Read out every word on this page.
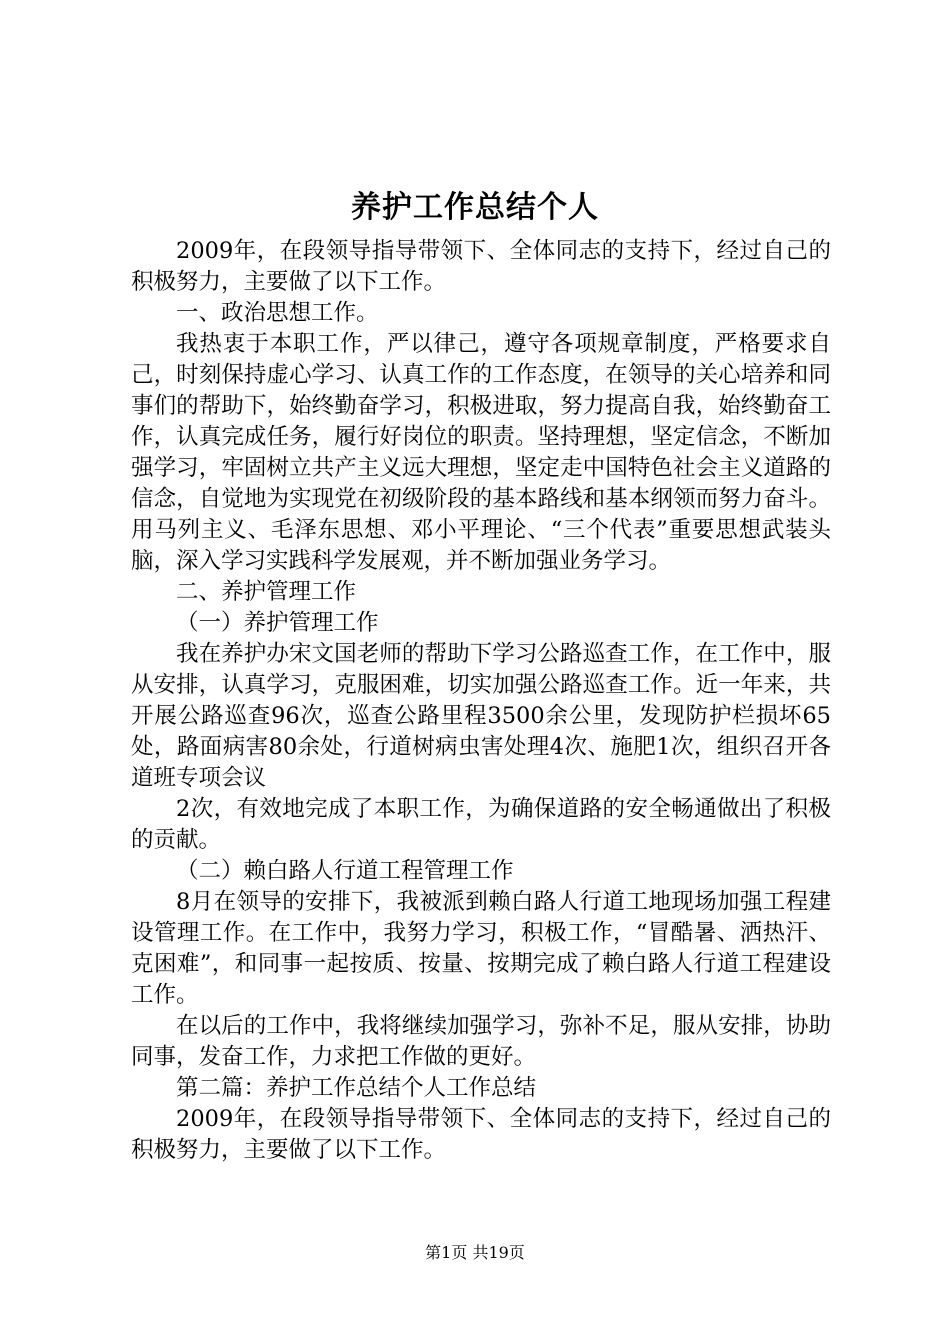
养护工作总结个人

2009年，在段领导指导带领下、全体同志的支持下，经过自己的积极努力，主要做了以下工作。

一、政治思想工作。

我热衷于本职工作，严以律己，遵守各项规章制度，严格要求自己，时刻保持虚心学习、认真工作的工作态度，在领导的关心培养和同事们的帮助下，始终勤奋学习，积极进取，努力提高自我，始终勤奋工作，认真完成任务，履行好岗位的职责。坚持理想，坚定信念，不断加强学习，牢固树立共产主义远大理想，坚定走中国特色社会主义道路的信念，自觉地为实现党在初级阶段的基本路线和基本纲领而努力奋斗。用马列主义、毛泽东思想、邓小平理论、“三个代表”重要思想武装头脑，深入学习实践科学发展观，并不断加强业务学习。

二、养护管理工作

（一）养护管理工作

我在养护办宋文国老师的帮助下学习公路巡查工作，在工作中，服从安排，认真学习，克服困难，切实加强公路巡查工作。近一年来，共开展公路巡查96次，巡查公路里程3500余公里，发现防护栏损坏65处，路面病害80余处，行道树病虫害处理4次、施肥1次，组织召开各道班专项会议

2次，有效地完成了本职工作，为确保道路的安全畅通做出了积极的贡献。

（二）赖白路人行道工程管理工作

8月在领导的安排下，我被派到赖白路人行道工地现场加强工程建设管理工作。在工作中，我努力学习，积极工作，“冒酷暑、洒热汗、克困难”，和同事一起按质、按量、按期完成了赖白路人行道工程建设工作。

在以后的工作中，我将继续加强学习，弥补不足，服从安排，协助同事，发奋工作，力求把工作做的更好。

第二篇：养护工作总结个人工作总结

2009年，在段领导指导带领下、全体同志的支持下，经过自己的积极努力，主要做了以下工作。

第1页 共19页
